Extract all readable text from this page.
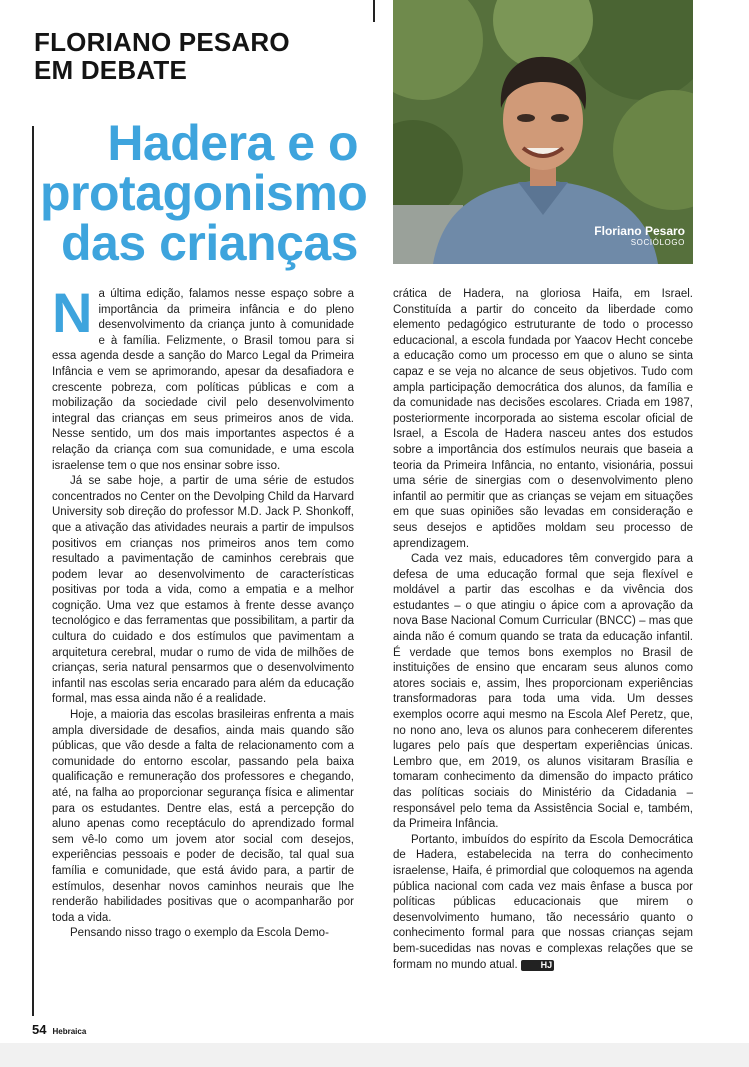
FLORIANO PESARO
EM DEBATE
Hadera e o
protagonismo
das crianças	Floriano Pesaro
SOCIÓLOGO

Na última edição, falamos nesse espaço sobre a importância da primeira infância e do pleno desenvolvimento da criança junto à comunidade e à família. Felizmente, o Brasil tomou para si essa agenda desde a sanção do Marco Legal da Primeira Infância e vem se aprimorando, apesar da desafiadora e crescente pobreza, com políticas públicas e com a mobilização da sociedade civil pelo desenvolvimento integral das crianças em seus primeiros anos de vida. Nesse sentido, um dos mais importantes aspectos é a relação da criança com sua comunidade, e uma escola israelense tem o que nos ensinar sobre isso.

Já se sabe hoje, a partir de uma série de estudos concentrados no Center on the Devolping Child da Harvard University sob direção do professor M.D. Jack P. Shonkoff, que a ativação das atividades neurais a partir de impulsos positivos em crianças nos primeiros anos tem como resultado a pavimentação de caminhos cerebrais que podem levar ao desenvolvimento de características positivas por toda a vida, como a empatia e a melhor cognição. Uma vez que estamos à frente desse avanço tecnológico e das ferramentas que possibilitam, a partir da cultura do cuidado e dos estímulos que pavimentam a arquitetura cerebral, mudar o rumo de vida de milhões de crianças, seria natural pensarmos que o desenvolvimento infantil nas escolas seria encarado para além da educação formal, mas essa ainda não é a realidade.

Hoje, a maioria das escolas brasileiras enfrenta a mais ampla diversidade de desafios, ainda mais quando são públicas, que vão desde a falta de relacionamento com a comunidade do entorno escolar, passando pela baixa qualificação e remuneração dos professores e chegando, até, na falha ao proporcionar segurança física e alimentar para os estudantes. Dentre elas, está a percepção do aluno apenas como receptáculo do aprendizado formal sem vê-lo como um jovem ator social com desejos, experiências pessoais e poder de decisão, tal qual sua família e comunidade, que está ávido para, a partir de estímulos, desenhar novos caminhos neurais que lhe renderão habilidades positivas que o acompanharão por toda a vida.

Pensando nisso trago o exemplo da Escola Demo-

crática de Hadera, na gloriosa Haifa, em Israel. Constituída a partir do conceito da liberdade como elemento pedagógico estruturante de todo o processo educacional, a escola fundada por Yaacov Hecht concebe a educação como um processo em que o aluno se sinta capaz e se veja no alcance de seus objetivos. Tudo com ampla participação democrática dos alunos, da família e da comunidade nas decisões escolares. Criada em 1987, posteriormente incorporada ao sistema escolar oficial de Israel, a Escola de Hadera nasceu antes dos estudos sobre a importância dos estímulos neurais que baseia a teoria da Primeira Infância, no entanto, visionária, possui uma série de sinergias com o desenvolvimento pleno infantil ao permitir que as crianças se vejam em situações em que suas opiniões são levadas em consideração e seus desejos e aptidões moldam seu processo de aprendizagem.

Cada vez mais, educadores têm convergido para a defesa de uma educação formal que seja flexível e moldável a partir das escolhas e da vivência dos estudantes – o que atingiu o ápice com a aprovação da nova Base Nacional Comum Curricular (BNCC) – mas que ainda não é comum quando se trata da educação infantil. É verdade que temos bons exemplos no Brasil de instituições de ensino que encaram seus alunos como atores sociais e, assim, lhes proporcionam experiências transformadoras para toda uma vida. Um desses exemplos ocorre aqui mesmo na Escola Alef Peretz, que, no nono ano, leva os alunos para conhecerem diferentes lugares pelo país que despertam experiências únicas. Lembro que, em 2019, os alunos visitaram Brasília e tomaram conhecimento da dimensão do impacto prático das políticas sociais do Ministério da Cidadania – responsável pelo tema da Assistência Social e, também, da Primeira Infância.

Portanto, imbuídos do espírito da Escola Democrática de Hadera, estabelecida na terra do conhecimento israelense, Haifa, é primordial que coloquemos na agenda pública nacional com cada vez mais ênfase a busca por políticas públicas educacionais que mirem o desenvolvimento humano, tão necessário quanto o conhecimento formal para que nossas crianças sejam bem-sucedidas nas novas e complexas relações que se formam no mundo atual.	HJ

54 Hebraica
